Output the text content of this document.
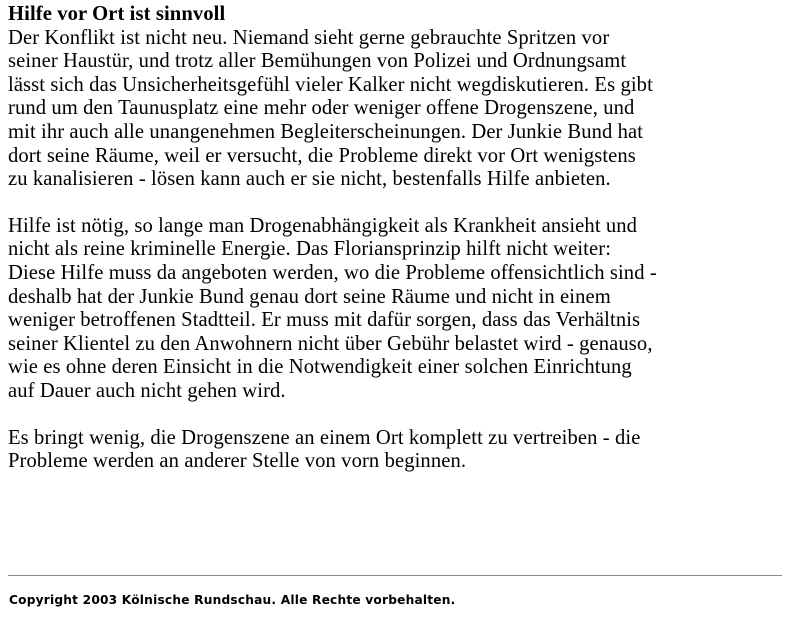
Hilfe vor Ort ist sinnvoll

Der Konflikt ist nicht neu. Niemand sieht gerne gebrauchte Spritzen vor
seiner Haustür, und trotz aller Bemühungen von Polizei und Ordnungsamt
lässt sich das Unsicherheitsgefühl vieler Kalker nicht wegdiskutieren. Es gibt
rund um den Taunusplatz eine mehr oder weniger offene Drogenszene, und
mit ihr auch alle unangenehmen Begleiterscheinungen. Der Junkie Bund hat
dort seine Räume, weil er versucht, die Probleme direkt vor Ort wenigstens
zu kanalisieren - lösen kann auch er sie nicht, bestenfalls Hilfe anbieten.

Hilfe ist nötig, so lange man Drogenabhängigkeit als Krankheit ansieht und
nicht als reine kriminelle Energie. Das Floriansprinzip hilft nicht weiter:
Diese Hilfe muss da angeboten werden, wo die Probleme offensichtlich sind -
deshalb hat der Junkie Bund genau dort seine Räume und nicht in einem
weniger betroffenen Stadtteil. Er muss mit dafür sorgen, dass das Verhältnis
seiner Klientel zu den Anwohnern nicht über Gebühr belastet wird - genauso,
wie es ohne deren Einsicht in die Notwendigkeit einer solchen Einrichtung
auf Dauer auch nicht gehen wird.

Es bringt wenig, die Drogenszene an einem Ort komplett zu vertreiben - die
Probleme werden an anderer Stelle von vorn beginnen.

Copyright 2003 Kölnische Rundschau. Alle Rechte vorbehalten.
